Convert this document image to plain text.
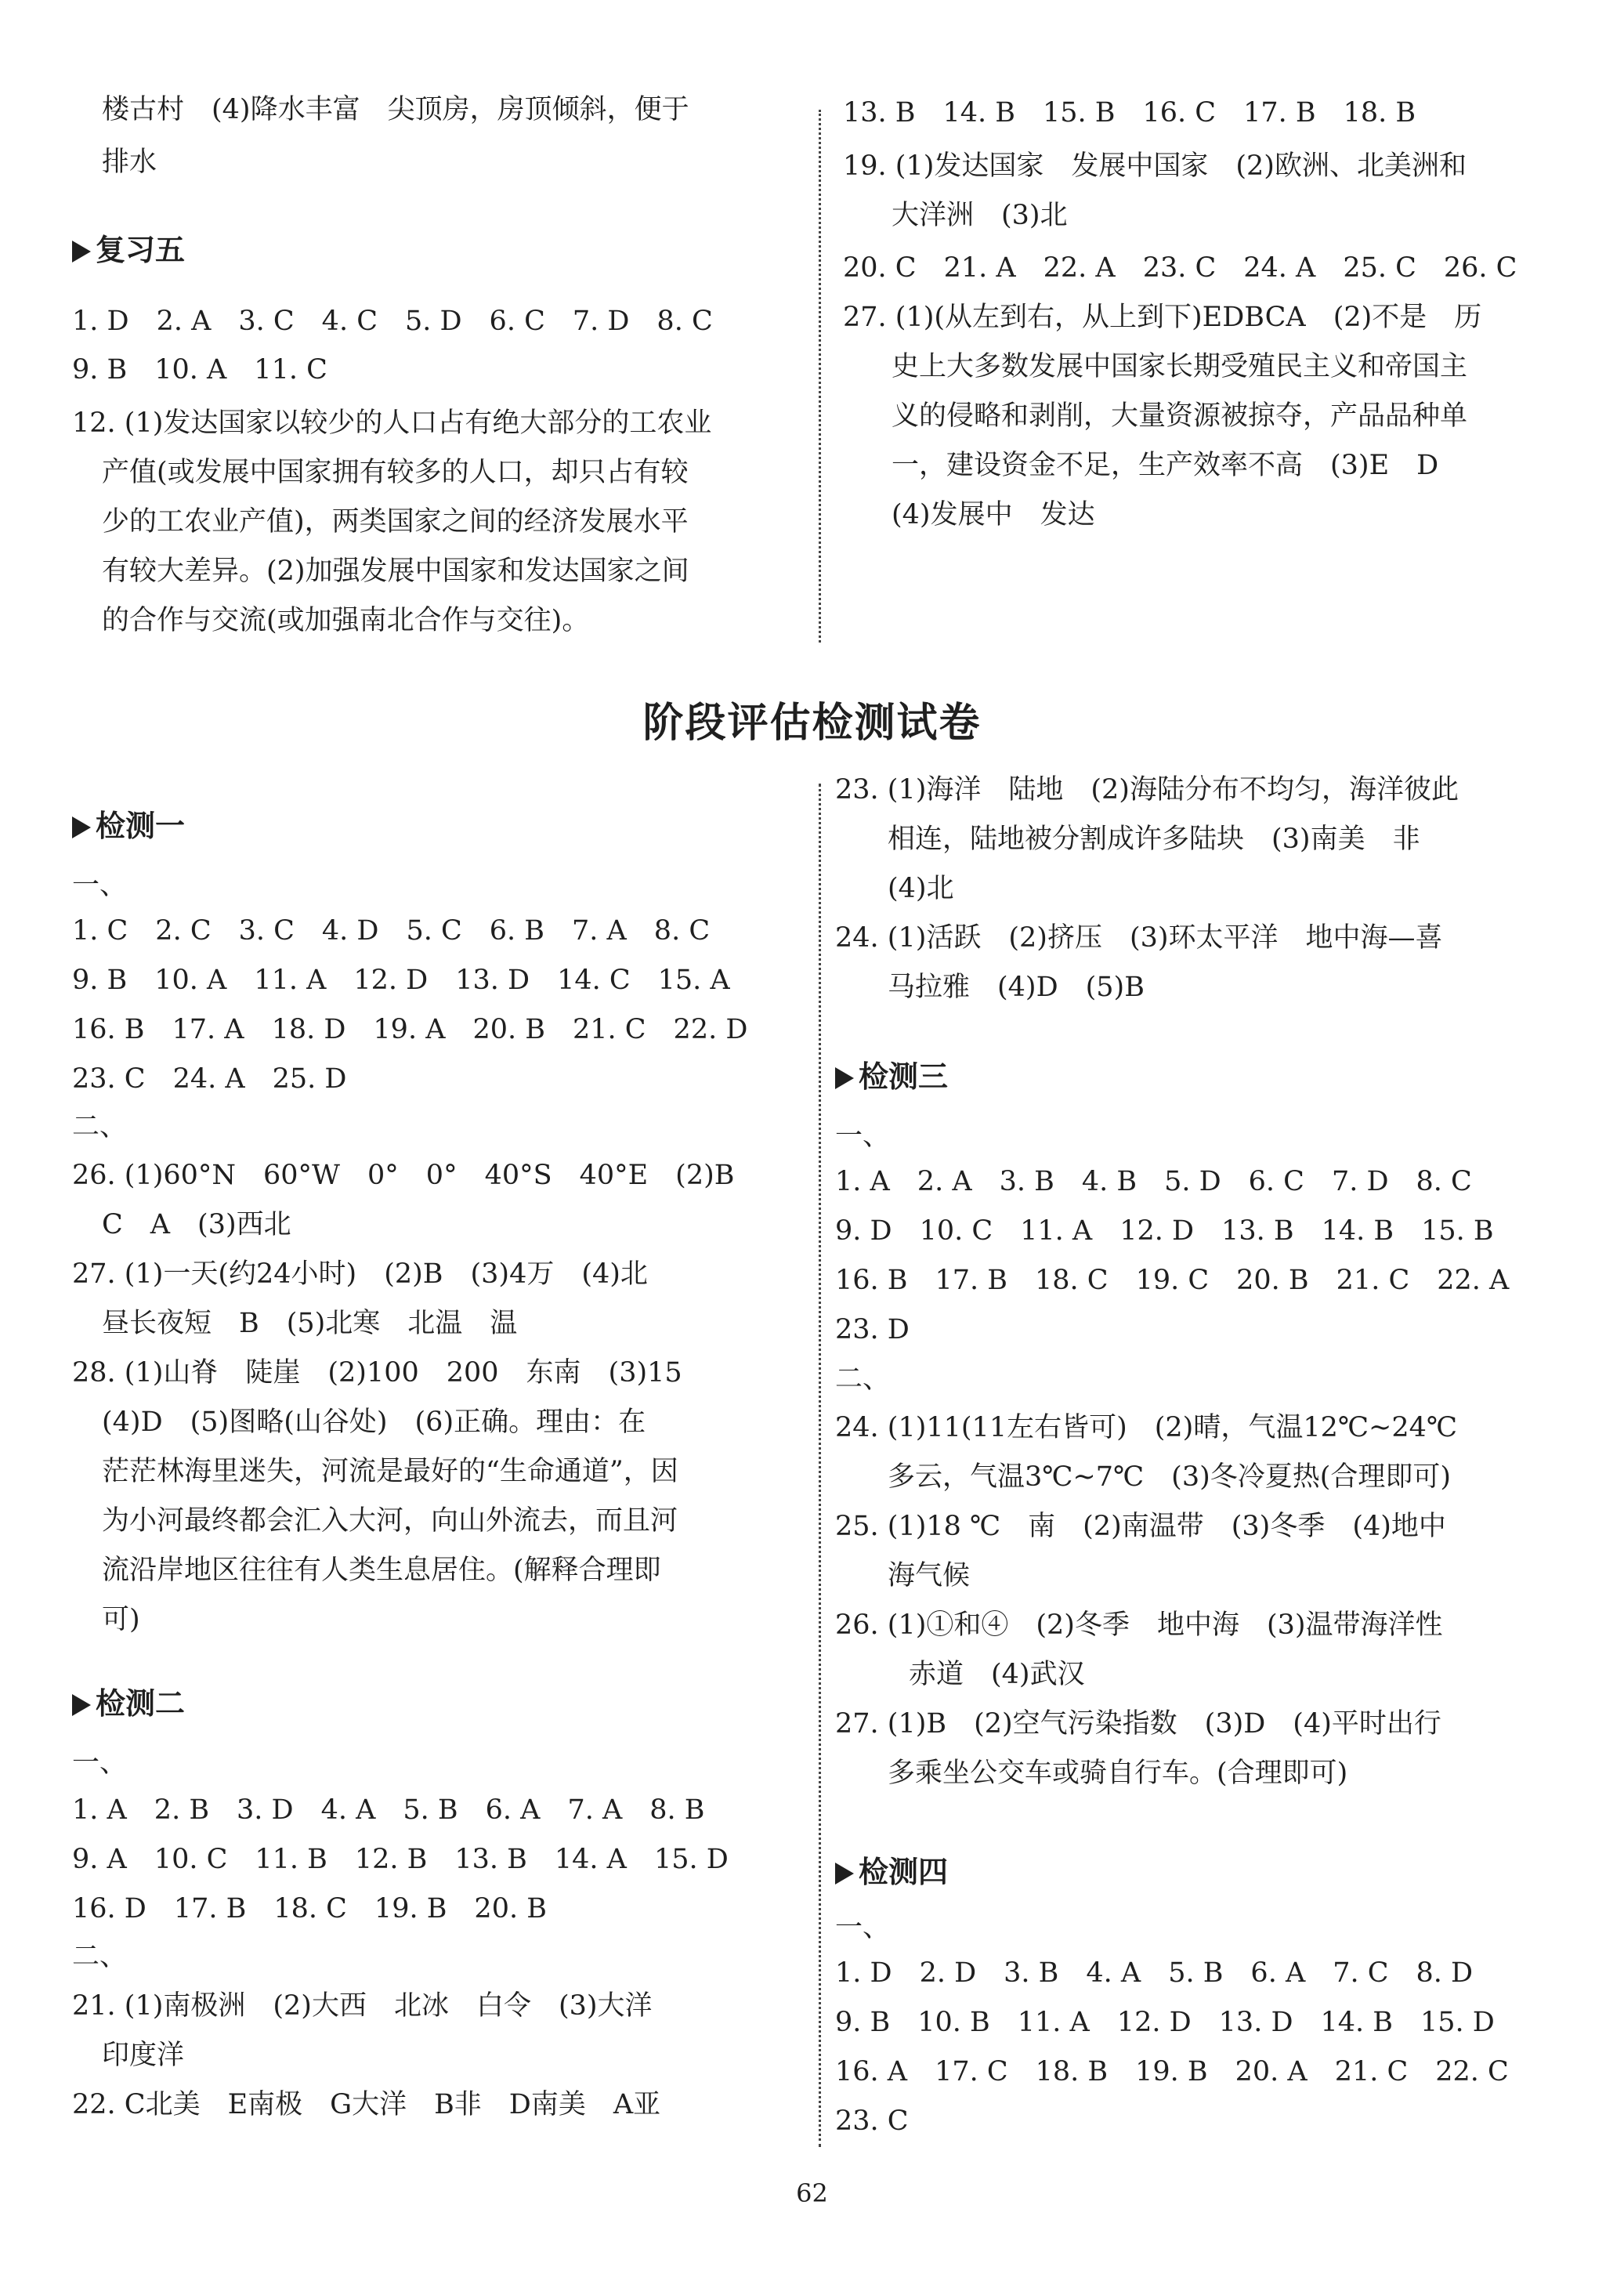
楼古村　(4)降水丰富　尖顶房，房顶倾斜，便于
排水
1. D　2. A　3. C　4. C　5. D　6. C　7. D　8. C
9. B　10. A　11. C
12. (1)发达国家以较少的人口占有绝大部分的工农业
产值(或发展中国家拥有较多的人口，却只占有较
少的工农业产值)，两类国家之间的经济发展水平
有较大差异。(2)加强发展中国家和发达国家之间
的合作与交流(或加强南北合作与交往)。
13. B　14. B　15. B　16. C　17. B　18. B
19. (1)发达国家　发展中国家　(2)欧洲、北美洲和
大洋洲　(3)北
20. C　21. A　22. A　23. C　24. A　25. C　26. C
27. (1)(从左到右，从上到下)EDBCA　(2)不是　历
史上大多数发展中国家长期受殖民主义和帝国主
义的侵略和剥削，大量资源被掠夺，产品品种单
一，建设资金不足，生产效率不高　(3)E　D
(4)发展中　发达
一、
1. C　2. C　3. C　4. D　5. C　6. B　7. A　8. C
9. B　10. A　11. A　12. D　13. D　14. C　15. A
16. B　17. A　18. D　19. A　20. B　21. C　22. D
23. C　24. A　25. D
二、
26. (1)60°N　60°W　0°　0°　40°S　40°E　(2)B
C　A　(3)西北
27. (1)一天(约24小时)　(2)B　(3)4万　(4)北
昼长夜短　B　(5)北寒　北温　温
28. (1)山脊　陡崖　(2)100　200　东南　(3)15
(4)D　(5)图略(山谷处)　(6)正确。理由：在
茫茫林海里迷失，河流是最好的“生命通道”，因
为小河最终都会汇入大河，向山外流去，而且河
流沿岸地区往往有人类生息居住。(解释合理即
可)
一、
1. A　2. B　3. D　4. A　5. B　6. A　7. A　8. B
9. A　10. C　11. B　12. B　13. B　14. A　15. D
16. D　17. B　18. C　19. B　20. B
二、
21. (1)南极洲　(2)大西　北冰　白令　(3)大洋
印度洋
22. C北美　E南极　G大洋　B非　D南美　A亚
23. (1)海洋　陆地　(2)海陆分布不均匀，海洋彼此
相连，陆地被分割成许多陆块　(3)南美　非
(4)北
24. (1)活跃　(2)挤压　(3)环太平洋　地中海—喜
马拉雅　(4)D　(5)B
一、
1. A　2. A　3. B　4. B　5. D　6. C　7. D　8. C
9. D　10. C　11. A　12. D　13. B　14. B　15. B
16. B　17. B　18. C　19. C　20. B　21. C　22. A
23. D
二、
24. (1)11(11左右皆可)　(2)晴，气温12℃~24℃
多云，气温3℃~7℃　(3)冬冷夏热(合理即可)
25. (1)18 ℃　南　(2)南温带　(3)冬季　(4)地中
海气候
26. (1)①和④　(2)冬季　地中海　(3)温带海洋性
赤道　(4)武汉
27. (1)B　(2)空气污染指数　(3)D　(4)平时出行
多乘坐公交车或骑自行车。(合理即可)
一、
1. D　2. D　3. B　4. A　5. B　6. A　7. C　8. D
9. B　10. B　11. A　12. D　13. D　14. B　15. D
16. A　17. C　18. B　19. B　20. A　21. C　22. C
23. C
复习五
阶段评估检测试卷
检测一
检测二
检测三
检测四
62
